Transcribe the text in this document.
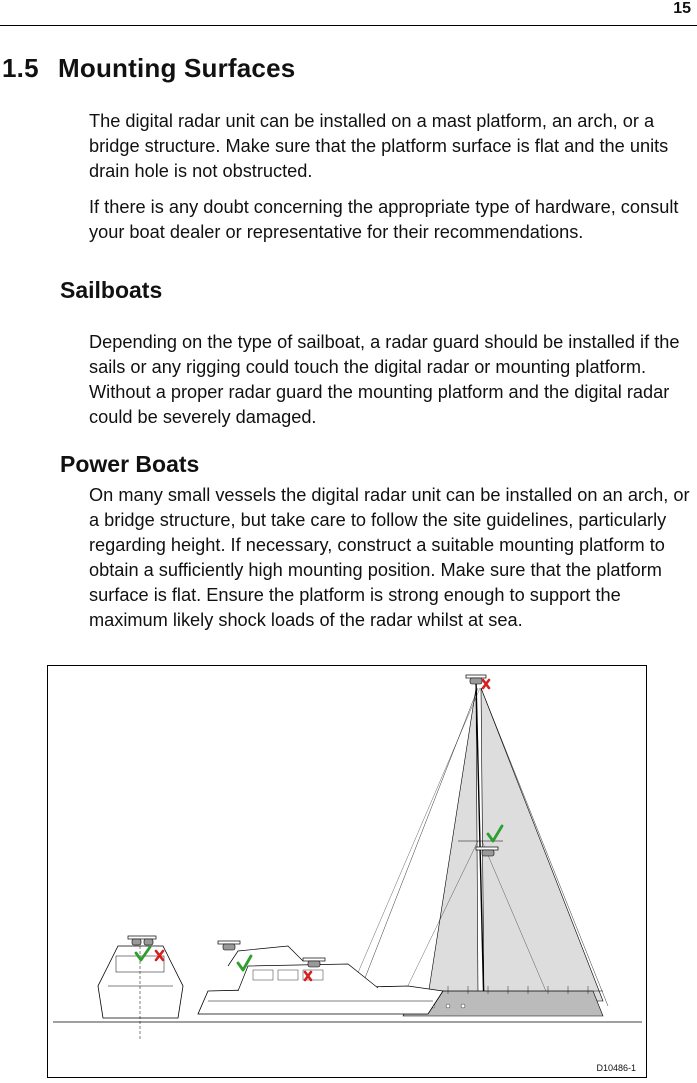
15
1.5 Mounting Surfaces

The digital radar unit can be installed on a mast platform, an arch, or a bridge structure. Make sure that the platform surface is flat and the units drain hole is not obstructed.

If there is any doubt concerning the appropriate type of hardware, consult your boat dealer or representative for their recommendations.

Sailboats

Depending on the type of sailboat, a radar guard should be installed if the sails or any rigging could touch the digital radar or mounting platform. Without a proper radar guard the mounting platform and the digital radar could be severely damaged.

Power Boats

On many small vessels the digital radar unit can be installed on an arch, or a bridge structure, but take care to follow the site guidelines, particularly regarding height. If necessary, construct a suitable mounting platform to obtain a sufficiently high mounting position. Make sure that the platform surface is flat. Ensure the platform is strong enough to support the maximum likely shock loads of the radar whilst at sea.

D10486-1
